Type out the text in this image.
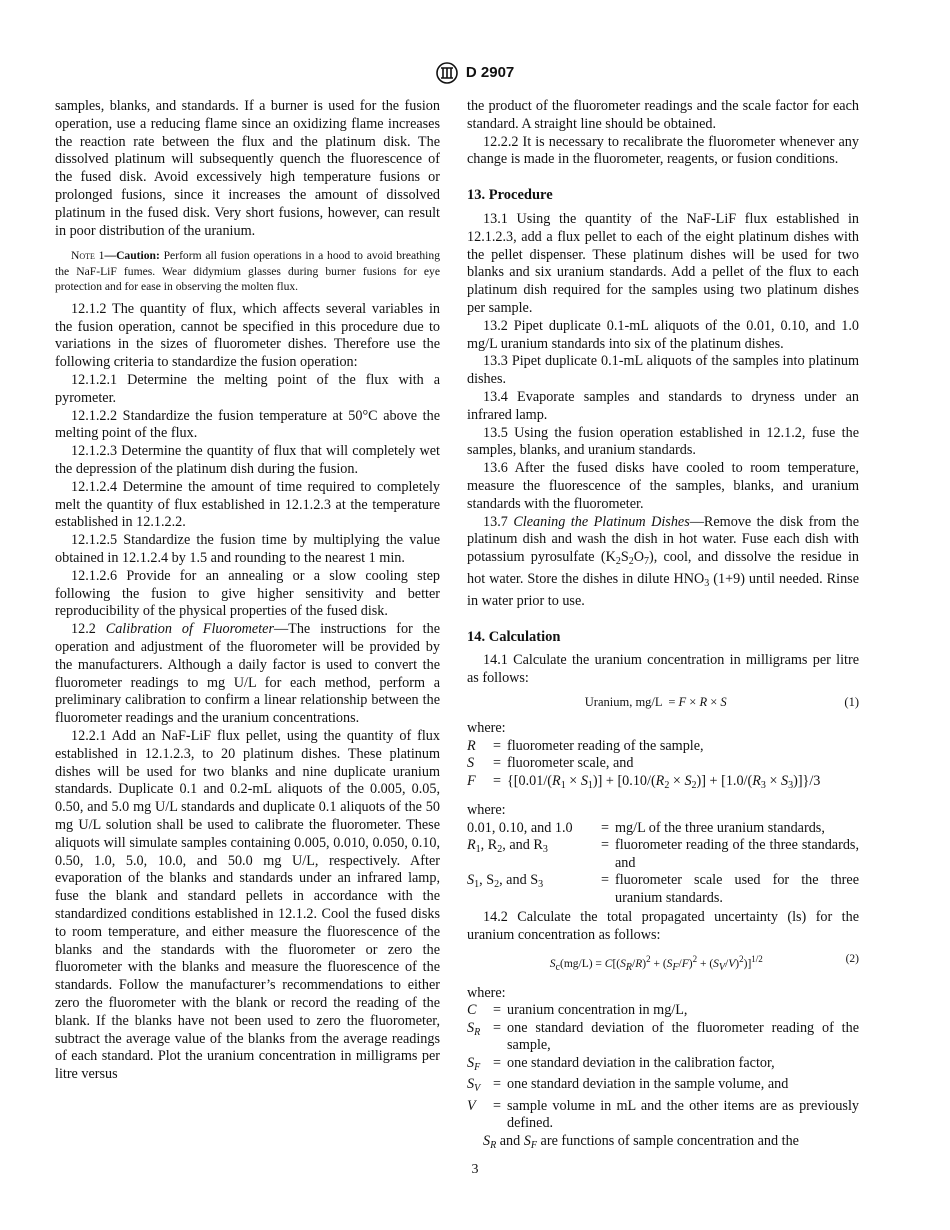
D 2907

samples, blanks, and standards. If a burner is used for the fusion operation, use a reducing flame since an oxidizing flame increases the reaction rate between the flux and the platinum disk. The dissolved platinum will subsequently quench the fluorescence of the fused disk. Avoid excessively high temperature fusions or prolonged fusions, since it increases the amount of dissolved platinum in the fused disk. Very short fusions, however, can result in poor distribution of the uranium.

Note 1—Caution: Perform all fusion operations in a hood to avoid breathing the NaF-LiF fumes. Wear didymium glasses during burner fusions for eye protection and for ease in observing the molten flux.

12.1.2 The quantity of flux, which affects several variables in the fusion operation, cannot be specified in this procedure due to variations in the sizes of fluorometer dishes. Therefore use the following criteria to standardize the fusion operation:

12.1.2.1 Determine the melting point of the flux with a pyrometer.

12.1.2.2 Standardize the fusion temperature at 50°C above the melting point of the flux.

12.1.2.3 Determine the quantity of flux that will completely wet the depression of the platinum dish during the fusion.

12.1.2.4 Determine the amount of time required to completely melt the quantity of flux established in 12.1.2.3 at the temperature established in 12.1.2.2.

12.1.2.5 Standardize the fusion time by multiplying the value obtained in 12.1.2.4 by 1.5 and rounding to the nearest 1 min.

12.1.2.6 Provide for an annealing or a slow cooling step following the fusion to give higher sensitivity and better reproducibility of the physical properties of the fused disk.

12.2 Calibration of Fluorometer—The instructions for the operation and adjustment of the fluorometer will be provided by the manufacturers. Although a daily factor is used to convert the fluorometer readings to mg U/L for each method, perform a preliminary calibration to confirm a linear relationship between the fluorometer readings and the uranium concentrations.

12.2.1 Add an NaF-LiF flux pellet, using the quantity of flux established in 12.1.2.3, to 20 platinum dishes. These platinum dishes will be used for two blanks and nine duplicate uranium standards. Duplicate 0.1 and 0.2-mL aliquots of the 0.005, 0.05, 0.50, and 5.0 mg U/L standards and duplicate 0.1 aliquots of the 50 mg U/L solution shall be used to calibrate the fluorometer. These aliquots will simulate samples containing 0.005, 0.010, 0.050, 0.10, 0.50, 1.0, 5.0, 10.0, and 50.0 mg U/L, respectively. After evaporation of the blanks and standards under an infrared lamp, fuse the blank and standard pellets in accordance with the standardized conditions established in 12.1.2. Cool the fused disks to room temperature, and either measure the fluorescence of the blanks and the standards with the fluorometer or zero the fluorometer with the blanks and measure the fluorescence of the standards. Follow the manufacturer’s recommendations to either zero the fluorometer with the blank or record the reading of the blank. If the blanks have not been used to zero the fluorometer, subtract the average value of the blanks from the average readings of each standard. Plot the uranium concentration in milligrams per litre versus

the product of the fluorometer readings and the scale factor for each standard. A straight line should be obtained.

12.2.2 It is necessary to recalibrate the fluorometer whenever any change is made in the fluorometer, reagents, or fusion conditions.

13. Procedure

13.1 Using the quantity of the NaF-LiF flux established in 12.1.2.3, add a flux pellet to each of the eight platinum dishes with the pellet dispenser. These platinum dishes will be used for two blanks and six uranium standards. Add a pellet of the flux to each platinum dish required for the samples using two platinum dishes per sample.

13.2 Pipet duplicate 0.1-mL aliquots of the 0.01, 0.10, and 1.0 mg/L uranium standards into six of the platinum dishes.

13.3 Pipet duplicate 0.1-mL aliquots of the samples into platinum dishes.

13.4 Evaporate samples and standards to dryness under an infrared lamp.

13.5 Using the fusion operation established in 12.1.2, fuse the samples, blanks, and uranium standards.

13.6 After the fused disks have cooled to room temperature, measure the fluorescence of the samples, blanks, and uranium standards with the fluorometer.

13.7 Cleaning the Platinum Dishes—Remove the disk from the platinum dish and wash the dish in hot water. Fuse each dish with potassium pyrosulfate $(K_2S_2O_7)$, cool, and dissolve the residue in hot water. Store the dishes in dilute $HNO_3$ (1+9) until needed. Rinse in water prior to use.

14. Calculation

14.1 Calculate the uranium concentration in milligrams per litre as follows:

Uranium, mg/L  = F × R × S	(1)

where:

R	=	fluorometer reading of the sample,
S	=	fluorometer scale, and
F	=	$\{[0.01/(R_1 \times S_1)] + [0.10/(R_2 \times S_2)] + [1.0/(R_3 \times S_3)]\}/3$

where:

0.01, 0.10, and 1.0	=	mg/L of the three uranium standards,
$R_1$, $R_2$, and $R_3$	=	fluorometer reading of the three standards, and
$S_1$, $S_2$, and $S_3$	=	fluorometer scale used for the three uranium standards.

14.2 Calculate the total propagated uncertainty (ls) for the uranium concentration as follows:

$Sc(mg/L) = C[(SR/R)^2 + (SF/F)^2 + (SV/V)^2)]^{1/2}$	(2)

where:

C	=	uranium concentration in mg/L,
$S_R$	=	one standard deviation of the fluorometer reading of the sample,
$S_F$	=	one standard deviation in the calibration factor,
$S_V$	=	one standard deviation in the sample volume, and
V	=	sample volume in mL and the other items are as previously defined.

$S_R$ and $S_F$ are functions of sample concentration and the

3
